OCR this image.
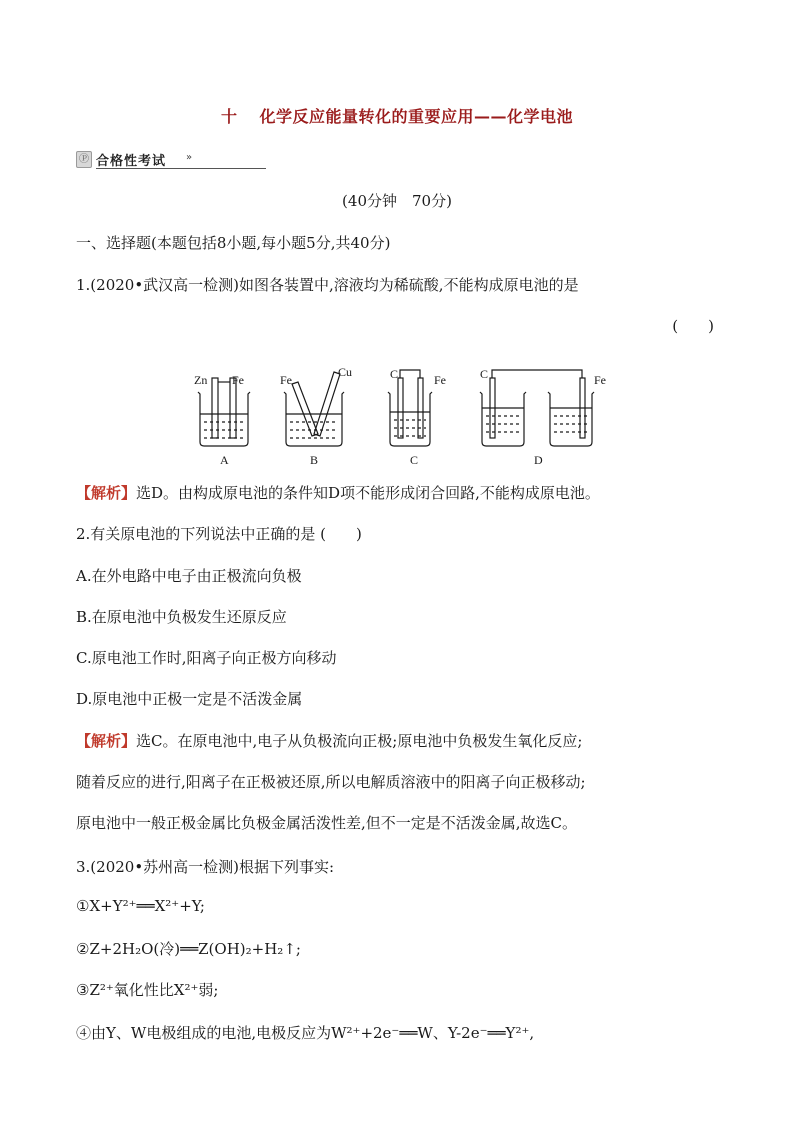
十 化学反应能量转化的重要应用——化学电池
Ⓟ 合格性考试 »
(40分钟　70分)
一、选择题(本题包括8小题,每小题5分,共40分)
1.(2020•武汉高一检测)如图各装置中,溶液均为稀硫酸,不能构成原电池的是
(　　)
Zn Fe
A
Fe
Cu
B
C	Fe
C
C	Fe
D
【解析】选D。由构成原电池的条件知D项不能形成闭合回路,不能构成原电池。
2.有关原电池的下列说法中正确的是 (　　)
A.在外电路中电子由正极流向负极
B.在原电池中负极发生还原反应
C.原电池工作时,阳离子向正极方向移动
D.原电池中正极一定是不活泼金属
【解析】选C。在原电池中,电子从负极流向正极;原电池中负极发生氧化反应;
随着反应的进行,阳离子在正极被还原,所以电解质溶液中的阳离子向正极移动;
原电池中一般正极金属比负极金属活泼性差,但不一定是不活泼金属,故选C。
3.(2020•苏州高一检测)根据下列事实:
①X+Y²⁺══X²⁺+Y;
②Z+2H₂O(冷)══Z(OH)₂+H₂↑;
③Z²⁺氧化性比X²⁺弱;
④由Y、W电极组成的电池,电极反应为W²⁺+2e⁻══W、Y-2e⁻══Y²⁺,
